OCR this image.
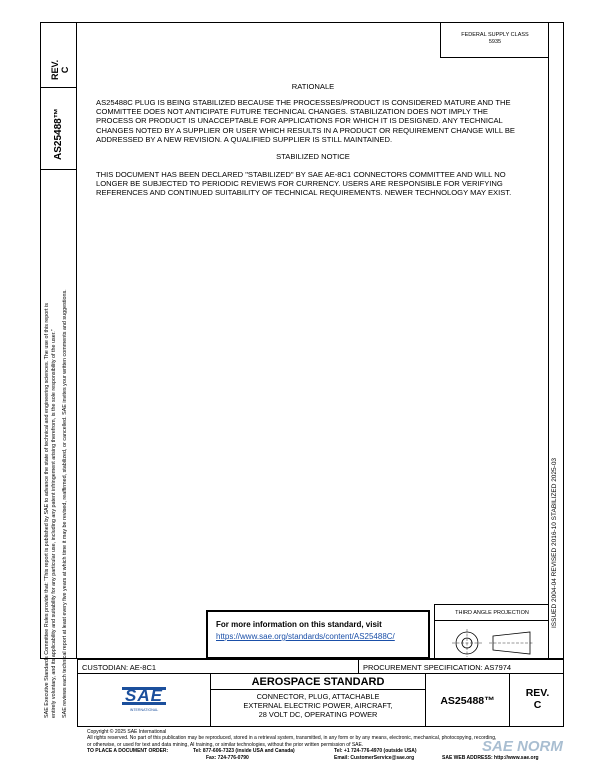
REV. C
AS25488™
SAE Executive Standards Committee Rules provide that: “This report is published by SAE to advance the state of technical and engineering sciences. The use of this report is entirely voluntary, and its applicability and suitability for any particular use, including any patent infringement arising therefrom, is the sole responsibility of the user.” SAE reviews each technical report at least every five years at which time it may be revised, reaffirmed, stabilized, or cancelled. SAE invites your written comments and suggestions.	ISSUED 2004-04 REVISED 2016-10 STABILIZED 2025-03
FEDERAL SUPPLY CLASS
5935
RATIONALE
AS25488C PLUG IS BEING STABILIZED BECAUSE THE PROCESSES/PRODUCT IS CONSIDERED MATURE AND THE COMMITTEE DOES NOT ANTICIPATE FUTURE TECHNICAL CHANGES. STABILIZATION DOES NOT IMPLY THE PROCESS OR PRODUCT IS UNACCEPTABLE FOR APPLICATIONS FOR WHICH IT IS DESIGNED. ANY TECHNICAL CHANGES NOTED BY A SUPPLIER OR USER WHICH RESULTS IN A PRODUCT OR REQUIREMENT CHANGE WILL BE ADDRESSED BY A NEW REVISION. A QUALIFIED SUPPLIER IS STILL MAINTAINED.
STABILIZED NOTICE
THIS DOCUMENT HAS BEEN DECLARED "STABILIZED" BY SAE AE-8C1 CONNECTORS COMMITTEE AND WILL NO LONGER BE SUBJECTED TO PERIODIC REVIEWS FOR CURRENCY. USERS ARE RESPONSIBLE FOR VERIFYING REFERENCES AND CONTINUED SUITABILITY OF TECHNICAL REQUIREMENTS. NEWER TECHNOLOGY MAY EXIST.
For more information on this standard, visit
https://www.sae.org/standards/content/AS25488C/
THIRD ANGLE PROJECTION
CUSTODIAN: AE-8C1	PROCUREMENT SPECIFICATION: AS7974
AEROSPACE STANDARD
CONNECTOR, PLUG, ATTACHABLE
EXTERNAL ELECTRIC POWER, AIRCRAFT,
28 VOLT DC, OPERATING POWER
AS25488™
REV.
C
SAE
INTERNATIONAL
Copyright © 2025 SAE International
All rights reserved. No part of this publication may be reproduced, stored in a retrieval system, transmitted, in any form or by any means, electronic, mechanical, photocopying, recording,
or otherwise, or used for text and data mining, AI training, or similar technologies, without the prior written permission of SAE.
TO PLACE A DOCUMENT ORDER:	Tel: 877-606-7323 (inside USA and Canada)	Tel: +1 724-776-4970 (outside USA)
Fax: 724-776-0790	Email: CustomerService@sae.org	SAE WEB ADDRESS: http://www.sae.org
SAE NORM
